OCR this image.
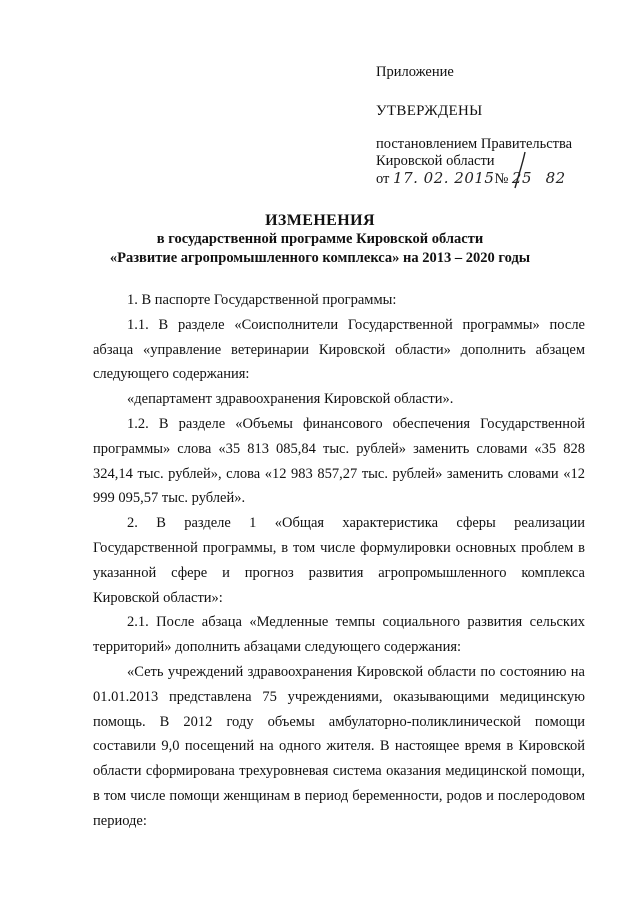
Приложение
УТВЕРЖДЕНЫ
постановлением Правительства
Кировской области
от 17. 02. 2015№ 25 82
ИЗМЕНЕНИЯ
в государственной программе Кировской области
«Развитие агропромышленного комплекса» на 2013 – 2020 годы

1. В паспорте Государственной программы:

1.1. В разделе «Соисполнители Государственной программы» после абзаца «управление ветеринарии Кировской области» дополнить абзацем следующего содержания:

«департамент здравоохранения Кировской области».

1.2. В разделе «Объемы финансового обеспечения Государственной программы» слова «35 813 085,84 тыс. рублей» заменить словами «35 828 324,14 тыс. рублей», слова «12 983 857,27 тыс. рублей» заменить словами «12 999 095,57 тыс. рублей».

2. В разделе 1 «Общая характеристика сферы реализации Государственной программы, в том числе формулировки основных проблем в указанной сфере и прогноз развития агропромышленного комплекса Кировской области»:

2.1. После абзаца «Медленные темпы социального развития сельских территорий» дополнить абзацами следующего содержания:

«Сеть учреждений здравоохранения Кировской области по состоянию на 01.01.2013 представлена 75 учреждениями, оказывающими медицинскую помощь. В 2012 году объемы амбулаторно-поликлинической помощи составили 9,0 посещений на одного жителя. В настоящее время в Кировской области сформирована трехуровневая система оказания медицинской помощи, в том числе помощи женщинам в период беременности, родов и послеродовом периоде:
